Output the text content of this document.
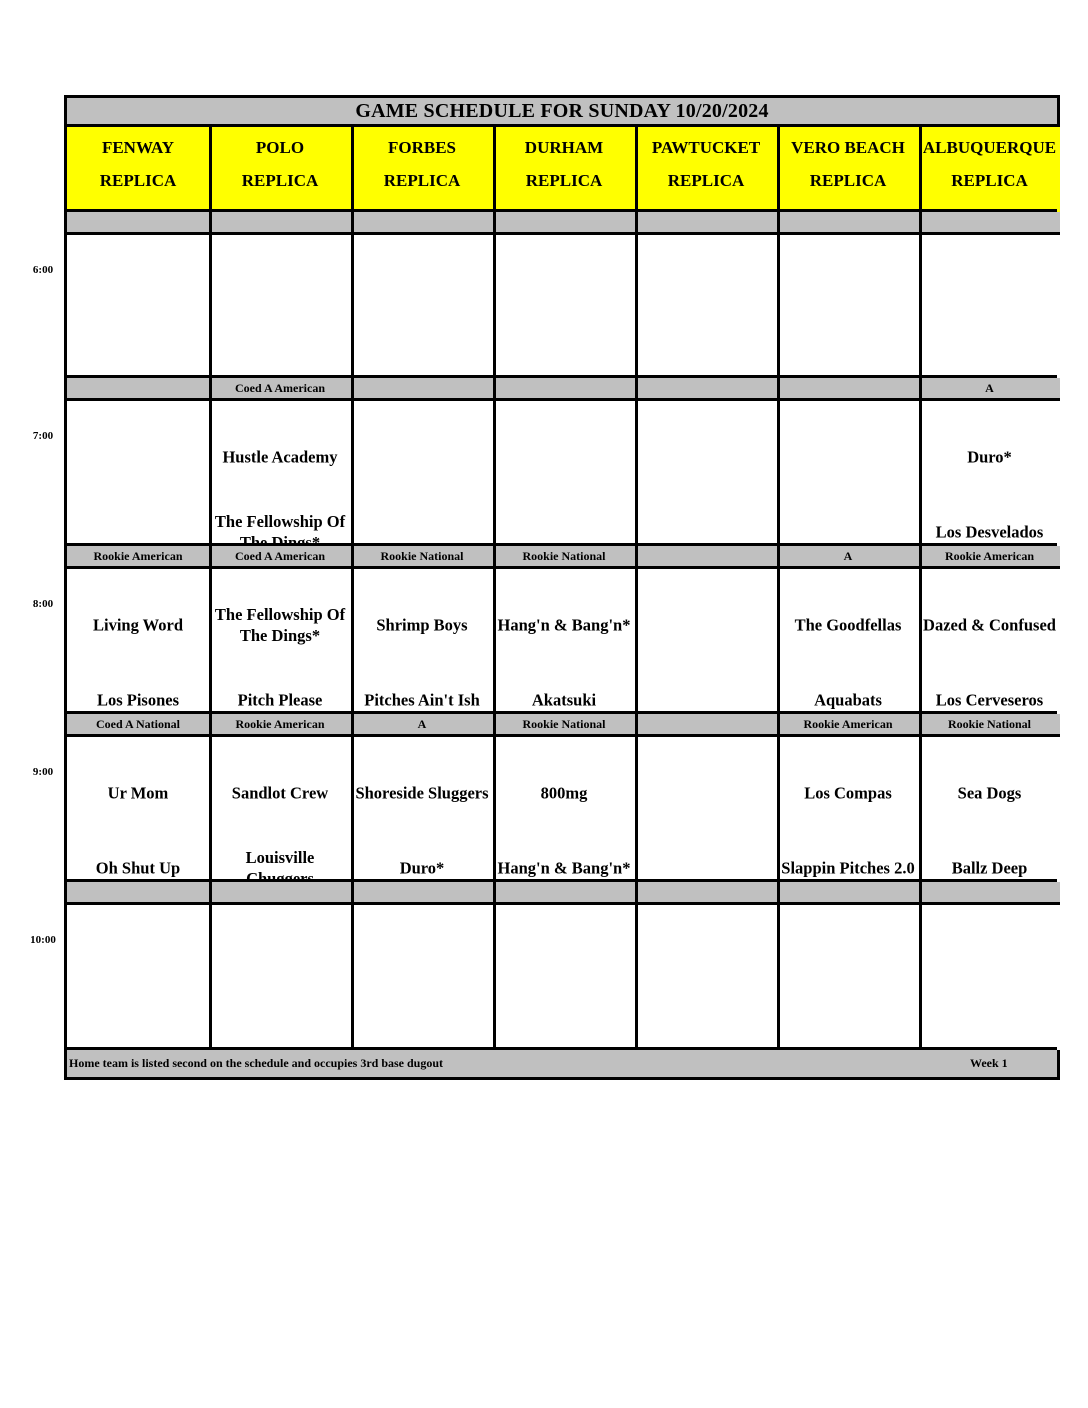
GAME SCHEDULE FOR SUNDAY 10/20/2024
Home team is listed second on the schedule and occupies 3rd base dugout	Week 1
FENWAY
REPLICA
POLO
REPLICA
FORBES
REPLICA
DURHAM
REPLICA
PAWTUCKET
REPLICA
VERO BEACH
REPLICA
ALBUQUERQUE
REPLICA
Coed A American
Hustle Academy
The Fellowship Of
A
Duro*
Los Desvelados
Rookie American
Living Word
Los Pisones
Coed A American
The Fellowship Of The Dings*
Pitch Please
Rookie National
Shrimp Boys
Pitches Ain't Ish
Rookie National
Hang'n & Bang'n*
Akatsuki
A
The Goodfellas
Aquabats
Rookie American
Dazed & Confused
Los Cerveseros
Coed A National
Ur Mom
Oh Shut Up
Rookie American
Sandlot Crew
Louisville
A
Shoreside Sluggers
Duro*
Rookie National
800mg
Hang'n & Bang'n*
Rookie American
Los Compas
Slappin Pitches 2.0
Rookie National
Sea Dogs
Ballz Deep
6:00
7:00
8:00
9:00
10:00
